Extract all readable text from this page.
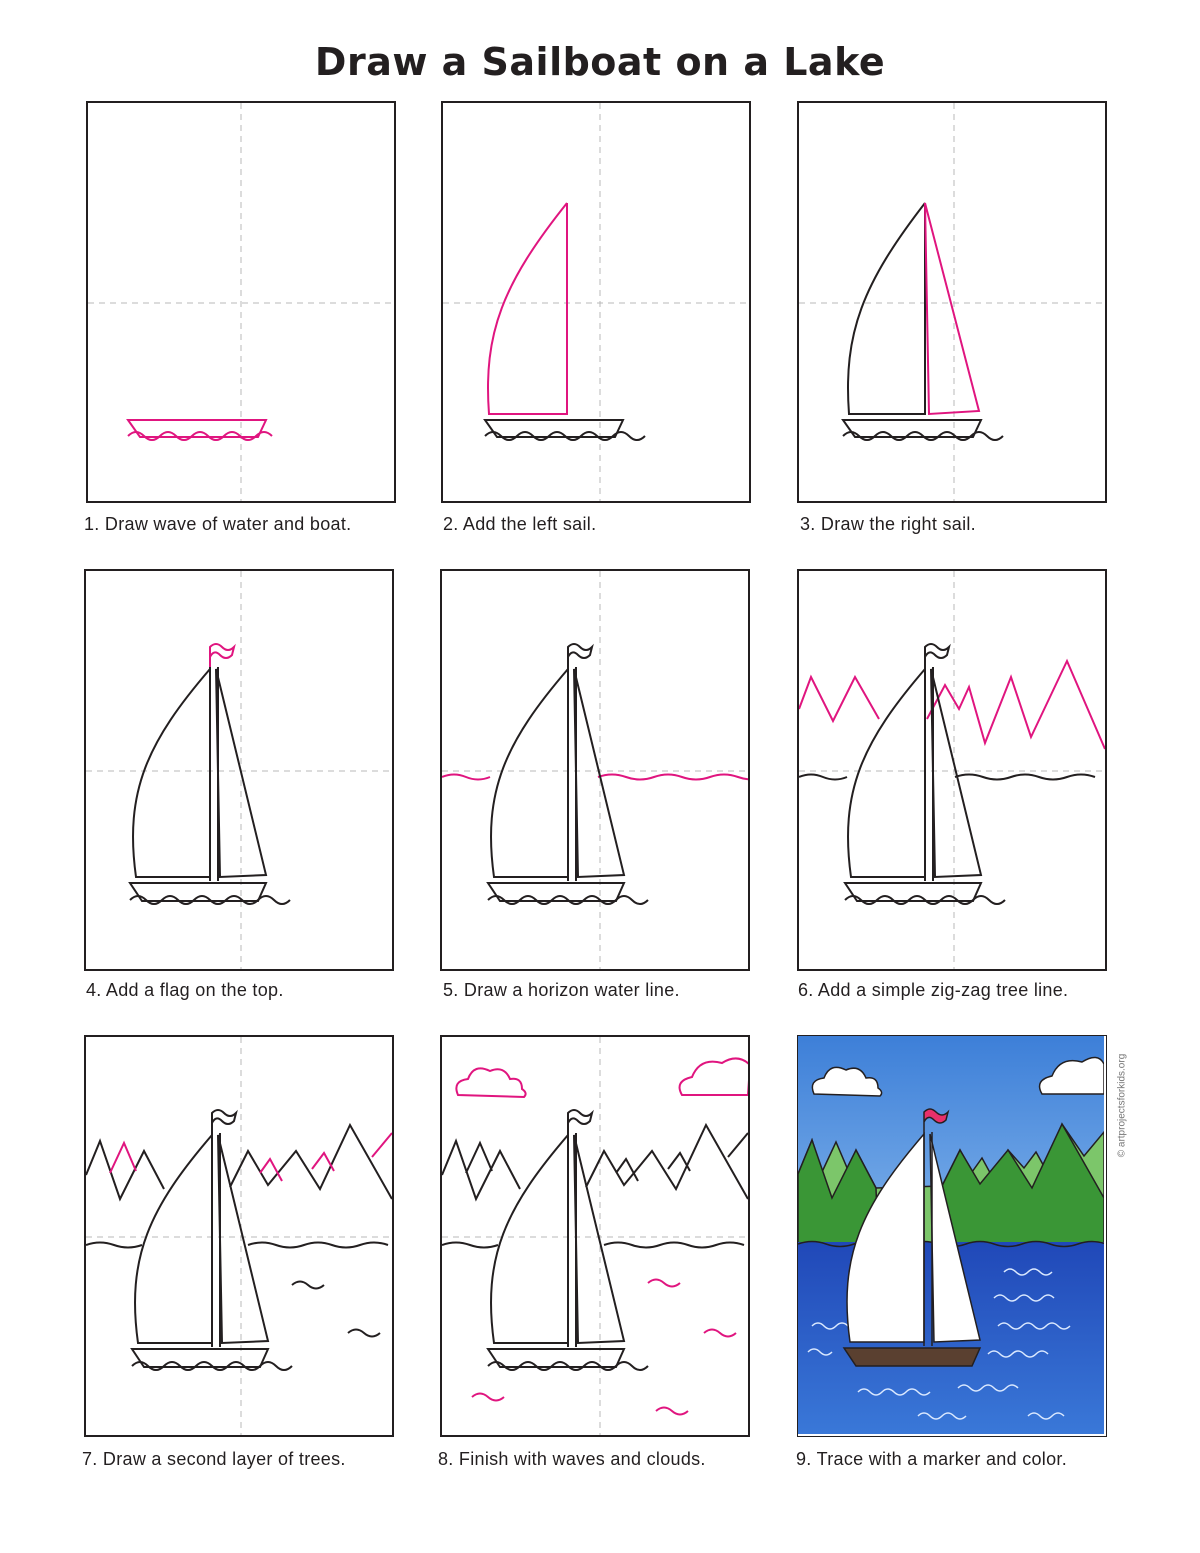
Draw a Sailboat on a Lake
1. Draw wave of water and boat.	2. Add the left sail.	3. Draw the right sail.
4. Add a flag on the top.	5. Draw a horizon water line.	6. Add a simple zig-zag tree line.
7. Draw a second layer of trees.	8. Finish with waves and clouds.	9. Trace with a marker and color.
© artprojectsforkids.org
